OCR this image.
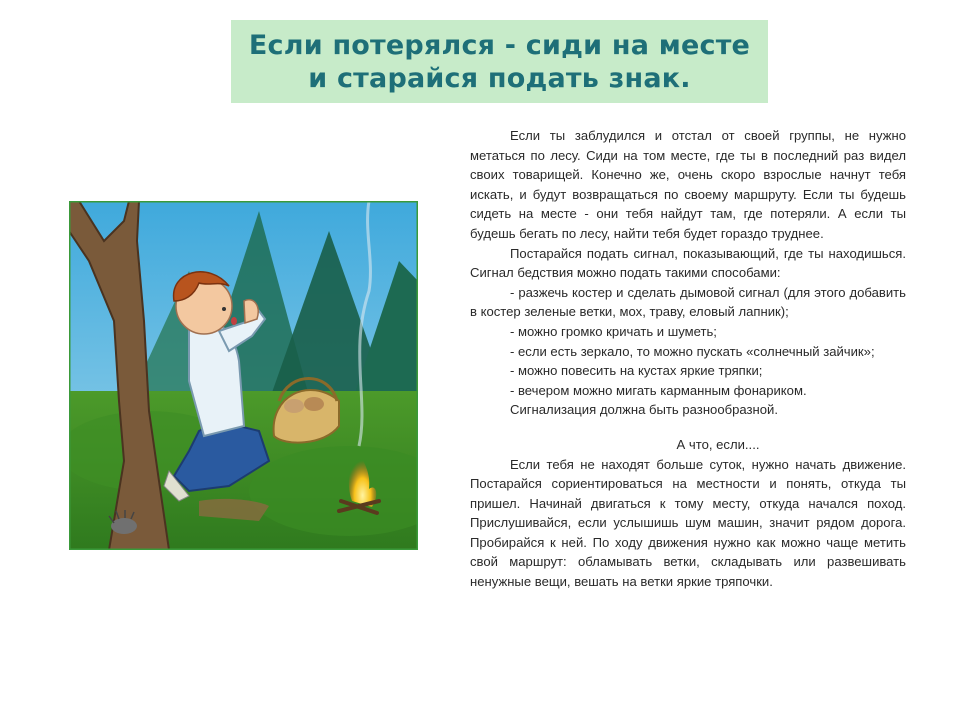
Если потерялся - сиди на месте
и старайся подать знак.

Если ты заблудился и отстал от своей группы, не нужно метаться по лесу. Сиди на том месте, где ты в последний раз видел своих товарищей. Конечно же, очень скоро взрослые начнут тебя искать, и будут возвращаться по своему маршруту. Если ты будешь сидеть на месте - они тебя найдут там, где потеряли. А если ты будешь бегать по лесу, найти тебя будет гораздо труднее.

Постарайся подать сигнал, показывающий, где ты находишься. Сигнал бедствия можно подать такими способами:

- разжечь костер и сделать дымовой сигнал (для этого добавить в костер зеленые ветки, мох, траву, еловый лапник);

- можно громко кричать и шуметь;

- если есть зеркало, то можно пускать «солнечный зайчик»;

- можно повесить на кустах яркие тряпки;

- вечером можно мигать карманным фонариком.

Сигнализация должна быть разнообразной.

А что, если....

Если тебя не находят больше суток, нужно начать движение. Постарайся сориентироваться на местности и понять, откуда ты пришел. Начинай двигаться к тому месту, откуда начался поход. Прислушивайся, если услышишь шум машин, значит рядом дорога. Пробирайся к ней. По ходу движения нужно как можно чаще метить свой маршрут: обламывать ветки, складывать или развешивать ненужные вещи, вешать на ветки яркие тряпочки.
